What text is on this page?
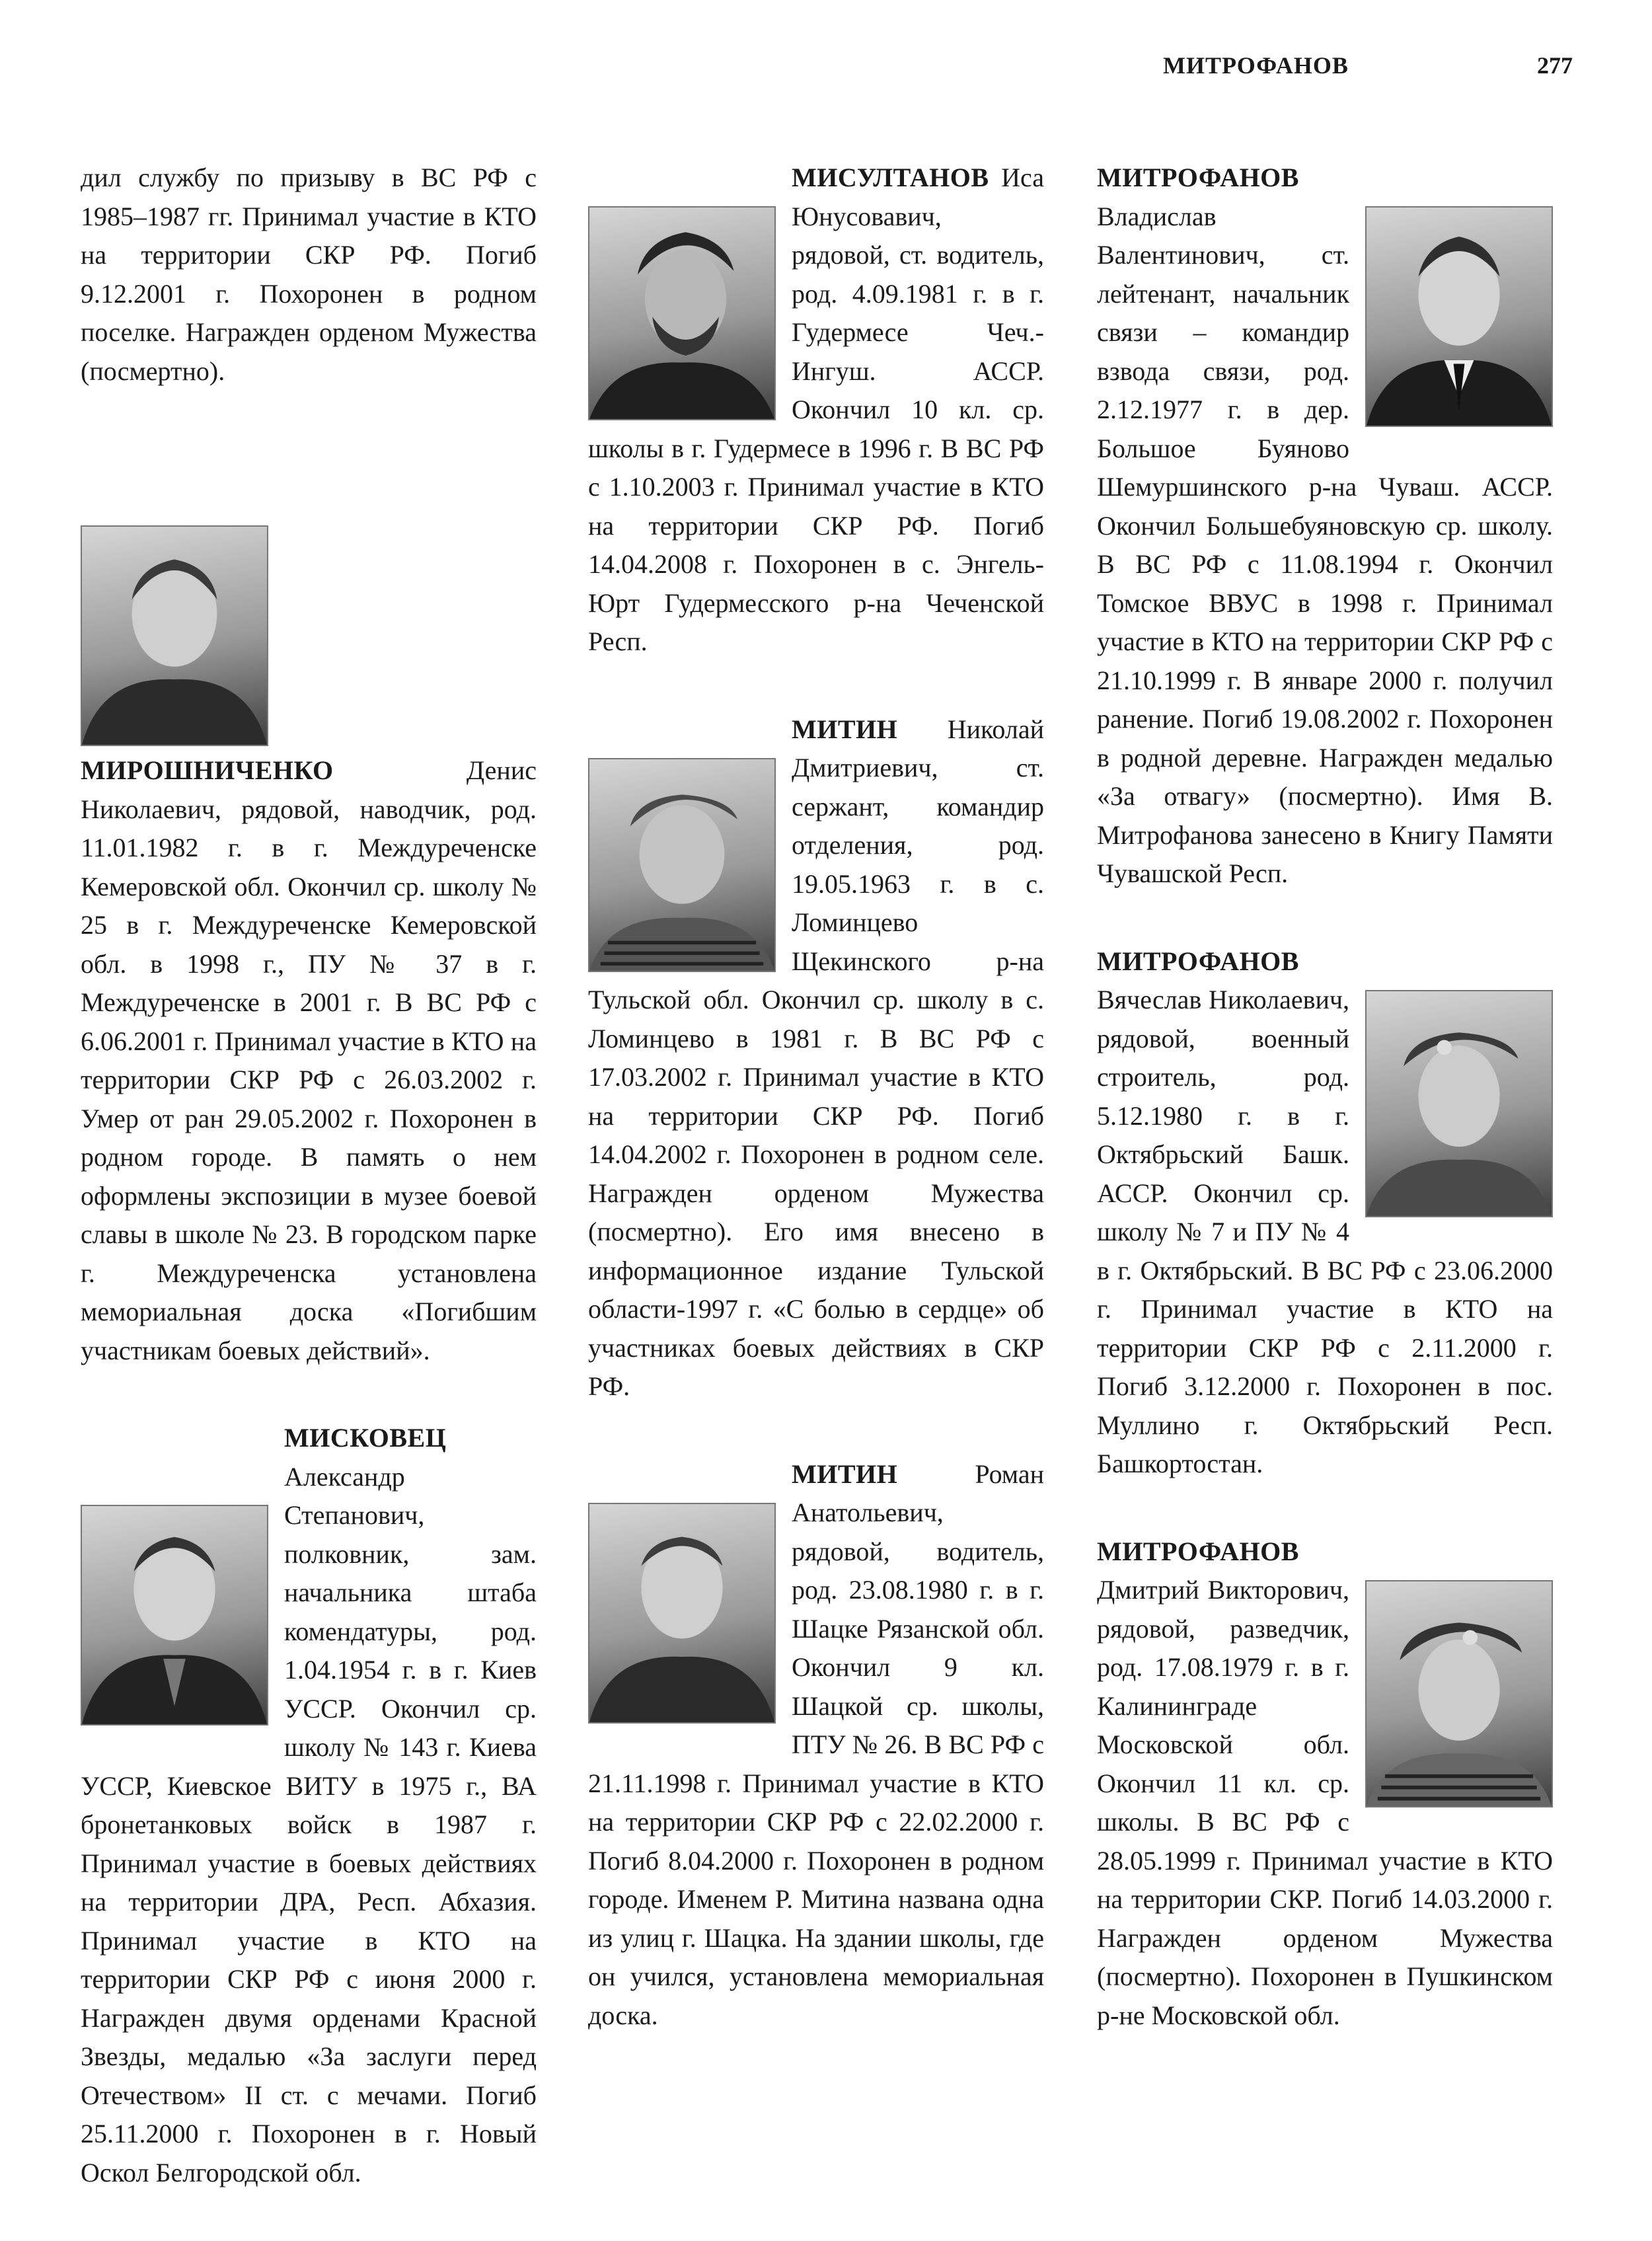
МИТРОФАНОВ	277

дил службу по призыву в ВС РФ с 1985–1987 гг. Принимал участие в КТО на территории СКР РФ. Погиб 9.12.2001 г. Похоронен в родном поселке. Награжден орденом Мужества (посмертно).

МИРОШНИЧЕНКО	Денис Николаевич, рядовой, наводчик, род. 11.01.1982 г. в г. Междуреченске Кемеровской обл. Окончил ср. школу № 25 в г. Междуреченске Кемеровской обл. в 1998 г., ПУ № 37 в г. Междуреченске в 2001 г. В ВС РФ с 6.06.2001 г. Принимал участие в КТО на территории СКР РФ с 26.03.2002 г. Умер от ран 29.05.2002 г. Похоронен в родном городе. В память о нем оформлены экспозиции в музее боевой славы в школе № 23. В городском парке г. Междуреченска установлена мемориальная доска «Погибшим участникам боевых действий».

МИСКОВЕЦ Александр Степанович, полковник, зам. начальника штаба комендатуры, род. 1.04.1954 г. в г. Киев УССР. Окончил ср. школу № 143 г. Киева УССР, Киевское ВИТУ в 1975 г., ВА бронетанковых войск в 1987 г. Принимал участие в боевых действиях на территории ДРА, Респ. Абхазия. Принимал участие в КТО на территории СКР РФ с июня 2000 г. Награжден двумя орденами Красной Звезды, медалью «За заслуги перед Отечеством» II ст. с мечами. Погиб 25.11.2000 г. Похоронен в г. Новый Оскол Белгородской обл.

МИСУЛТАНОВ Иса Юнусовавич, рядовой, ст. водитель, род. 4.09.1981 г. в г. Гудермесе Чеч.-Ингуш. АССР. Окончил 10 кл. ср. школы в г. Гудермесе в 1996 г. В ВС РФ с 1.10.2003 г. Принимал участие в КТО на территории СКР РФ. Погиб 14.04.2008 г. Похоронен в с. Энгель-Юрт Гудермесского р-на Чеченской Респ.

МИТИН Николай Дмитриевич, ст. сержант, командир отделения, род. 19.05.1963 г. в с. Ломинцево Щекинского р-на Тульской обл. Окончил ср. школу в с. Ломинцево в 1981 г. В ВС РФ с 17.03.2002 г. Принимал участие в КТО на территории СКР РФ. Погиб 14.04.2002 г. Похоронен в родном селе. Награжден орденом Мужества (посмертно). Его имя внесено в информационное издание Тульской области-1997 г. «С болью в сердце» об участниках боевых действиях в СКР РФ.

МИТИН	Роман Анатольевич, рядовой, водитель, род. 23.08.1980 г. в г. Шацке Рязанской обл. Окончил 9 кл. Шацкой ср. школы, ПТУ № 26. В ВС РФ с 21.11.1998 г. Принимал участие в КТО на территории СКР РФ с 22.02.2000 г. Погиб 8.04.2000 г. Похоронен в родном городе. Именем Р. Митина названа одна из улиц г. Шацка. На здании школы, где он учился, установлена мемориальная доска.

МИТРОФАНОВ Владислав Валентинович, ст. лейтенант, начальник связи – командир взвода связи, род. 2.12.1977 г. в дер. Большое Буяново Шемуршинского р-на Чуваш. АССР. Окончил Большебуяновскую ср. школу. В ВС РФ с 11.08.1994 г. Окончил Томское ВВУС в 1998 г. Принимал участие в КТО на территории СКР РФ с 21.10.1999 г. В январе 2000 г. получил ранение. Погиб 19.08.2002 г. Похоронен в родной деревне. Награжден медалью «За отвагу» (посмертно). Имя В. Митрофанова занесено в Книгу Памяти Чувашской Респ.

МИТРОФАНОВ Вячеслав Николаевич, рядовой, военный строитель, род. 5.12.1980 г. в г. Октябрьский Башк. АССР. Окончил ср. школу № 7 и ПУ № 4 в г. Октябрьский. В ВС РФ с 23.06.2000 г. Принимал участие в КТО на территории СКР РФ с 2.11.2000 г. Погиб 3.12.2000 г. Похоронен в пос. Муллино г. Октябрьский Респ. Башкортостан.

МИТРОФАНОВ Дмитрий Викторович, рядовой, разведчик, род. 17.08.1979 г. в г. Калининграде Московской обл. Окончил 11 кл. ср. школы. В ВС РФ с 28.05.1999 г. Принимал участие в КТО на территории СКР. Погиб 14.03.2000 г. Награжден орденом Мужества (посмертно). Похоронен в Пушкинском р-не Московской обл.
